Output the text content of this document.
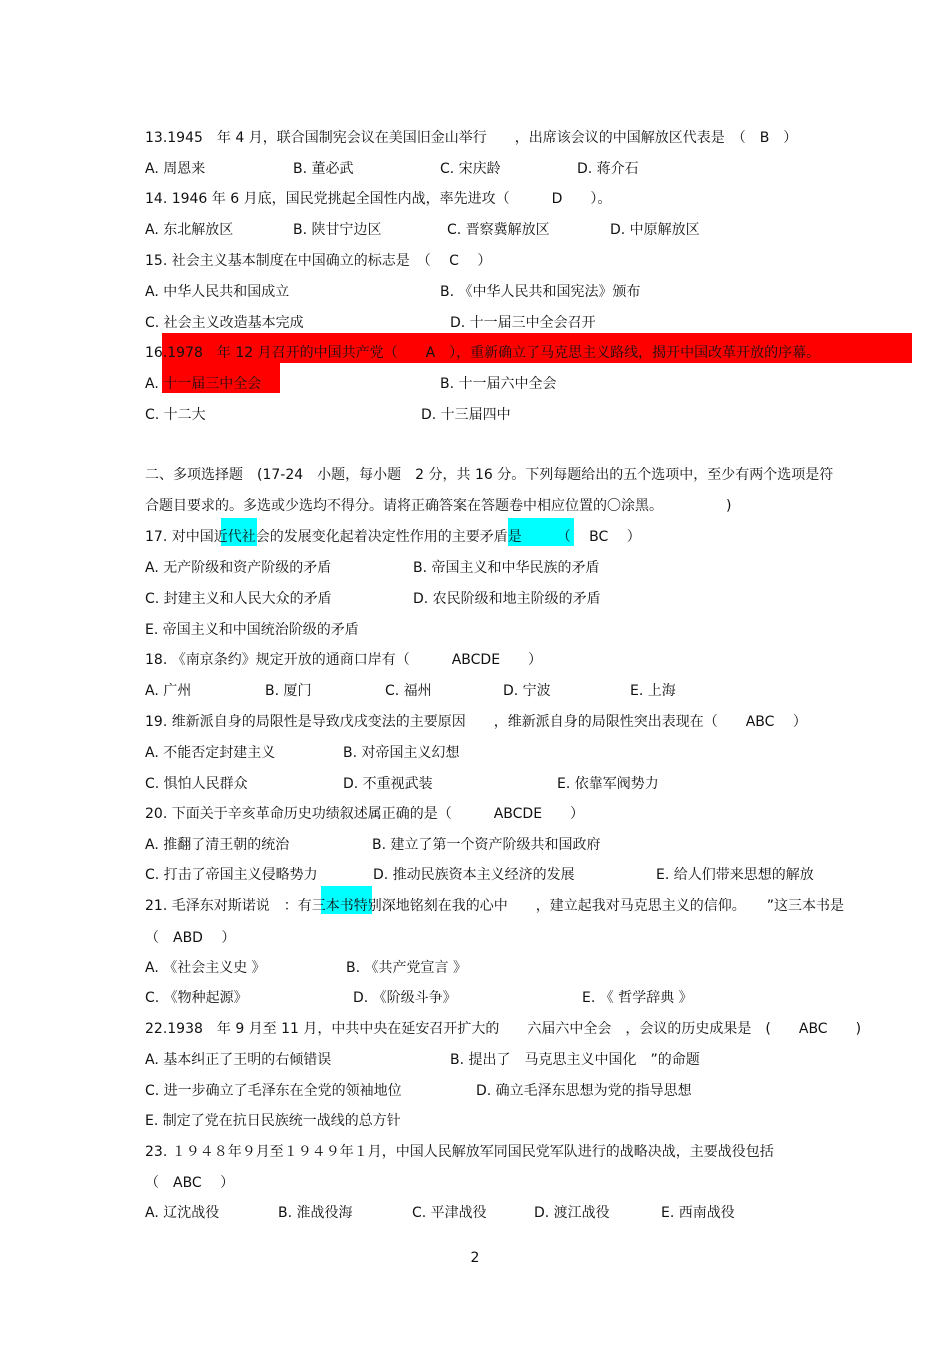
13.1945　年 4 月，联合国制宪会议在美国旧金山举行　　，出席该会议的中国解放区代表是　（　B　）
A. 周恩来	B. 董必武	C. 宋庆龄	D. 蒋介石
14. 1946 年 6 月底，国民党挑起全国性内战，率先进攻（　　　D　　）。
A. 东北解放区	B. 陕甘宁边区	C. 晋察冀解放区	D. 中原解放区
15. 社会主义基本制度在中国确立的标志是　（　 C　 ）
A. 中华人民共和国成立	B. 《中华人民共和国宪法》颁布
C. 社会主义改造基本完成	D. 十一届三中全会召开
16.1978　年 12 月召开的中国共产党（　　A　），重新确立了马克思主义路线，揭开中国改革开放的序幕。
A. 十一届三中全会	B. 十一届六中全会
C. 十二大	D. 十三届四中
二、多项选择题　(17-24　小题，每小题　2 分，共 16 分。下列每题给出的五个选项中，至少有两个选项是符
合题目要求的。多选或少选均不得分。请将正确答案在答题卷中相应位置的〇涂黑。　　　　　)
17. 对中国近代社会的发展变化起着决定性作用的主要矛盾是　　　（　 BC　 ）
A. 无产阶级和资产阶级的矛盾	B. 帝国主义和中华民族的矛盾
C. 封建主义和人民大众的矛盾	D. 农民阶级和地主阶级的矛盾
E. 帝国主义和中国统治阶级的矛盾
18. 《南京条约》规定开放的通商口岸有（　　　ABCDE　　）
A. 广州	B. 厦门	C. 福州	D. 宁波	E. 上海
19. 维新派自身的局限性是导致戊戌变法的主要原因　　，维新派自身的局限性突出表现在（　　ABC　 ）
A. 不能否定封建主义	B. 对帝国主义幻想
C. 惧怕人民群众	D. 不重视武装	E. 依靠军阀势力
20. 下面关于辛亥革命历史功绩叙述属正确的是（　　　ABCDE　　）
A. 推翻了清王朝的统治	B. 建立了第一个资产阶级共和国政府
C. 打击了帝国主义侵略势力	D. 推动民族资本主义经济的发展	E. 给人们带来思想的解放
21. 毛泽东对斯诺说　：有三本书特别深地铭刻在我的心中　　，建立起我对马克思主义的信仰。　　”这三本书是
（　ABD　 ）
A. 《社会主义史 》	B. 《共产党宣言 》
C. 《物种起源》	D. 《阶级斗争》	E. 《 哲学辞典 》
22.1938　年 9 月至 11 月，中共中央在延安召开扩大的　　六届六中全会　，会议的历史成果是　(　　ABC　　)
A. 基本纠正了王明的右倾错误	B. 提出了　马克思主义中国化　”的命题
C. 进一步确立了毛泽东在全党的领袖地位	D. 确立毛泽东思想为党的指导思想
E. 制定了党在抗日民族统一战线的总方针
23. １９４８年９月至１９４９年１月，中国人民解放军同国民党军队进行的战略决战，主要战役包括
（　ABC　 ）
A. 辽沈战役	B. 淮战役海	C. 平津战役	D. 渡江战役	E. 西南战役
2
